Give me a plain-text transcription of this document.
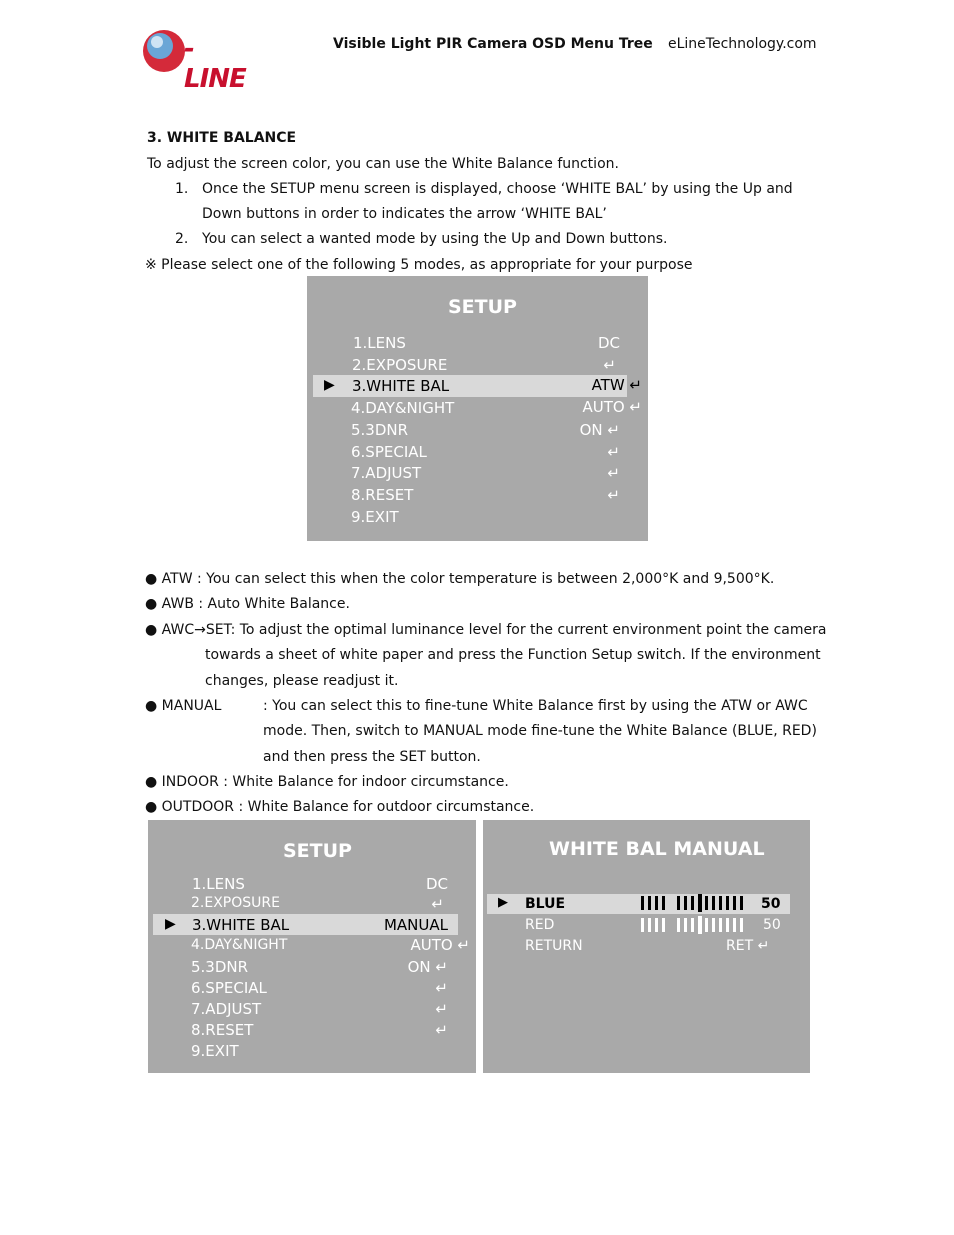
-LINE
Visible Light PIR Camera OSD Menu Tree eLineTechnology.com
3. WHITE BALANCE
To adjust the screen color, you can use the White Balance function.
1. Once the SETUP menu screen is displayed, choose ‘WHITE BAL’ by using the Up and
Down buttons in order to indicates the arrow ‘WHITE BAL’
2. You can select a wanted mode by using the Up and Down buttons.
※ Please select one of the following 5 modes, as appropriate for your purpose
SETUP
▶
1.LENS	DC
2.EXPOSURE	↵
3.WHITE BAL	ATW ↵
4.DAY&NIGHT	AUTO ↵
5.3DNR	ON ↵
6.SPECIAL	↵
7.ADJUST	↵
8.RESET	↵
9.EXIT
● ATW : You can select this when the color temperature is between 2,000°K and 9,500°K.
● AWB : Auto White Balance.
● AWC→SET: To adjust the optimal luminance level for the current environment point the camera
towards a sheet of white paper and press the Function Setup switch. If the environment
changes, please readjust it.
● MANUAL	: You can select this to fine-tune White Balance first by using the ATW or AWC
mode. Then, switch to MANUAL mode fine-tune the White Balance (BLUE, RED)
and then press the SET button.
● INDOOR : White Balance for indoor circumstance.
● OUTDOOR : White Balance for outdoor circumstance.
SETUP
▶
1.LENS	DC
2.EXPOSURE	↵
3.WHITE BAL	MANUAL
4.DAY&NIGHT	AUTO ↵
5.3DNR	ON ↵
6.SPECIAL	↵
7.ADJUST	↵
8.RESET	↵
9.EXIT
WHITE BAL MANUAL
▶ BLUE	50
RED	50
RETURN	RET ↵
